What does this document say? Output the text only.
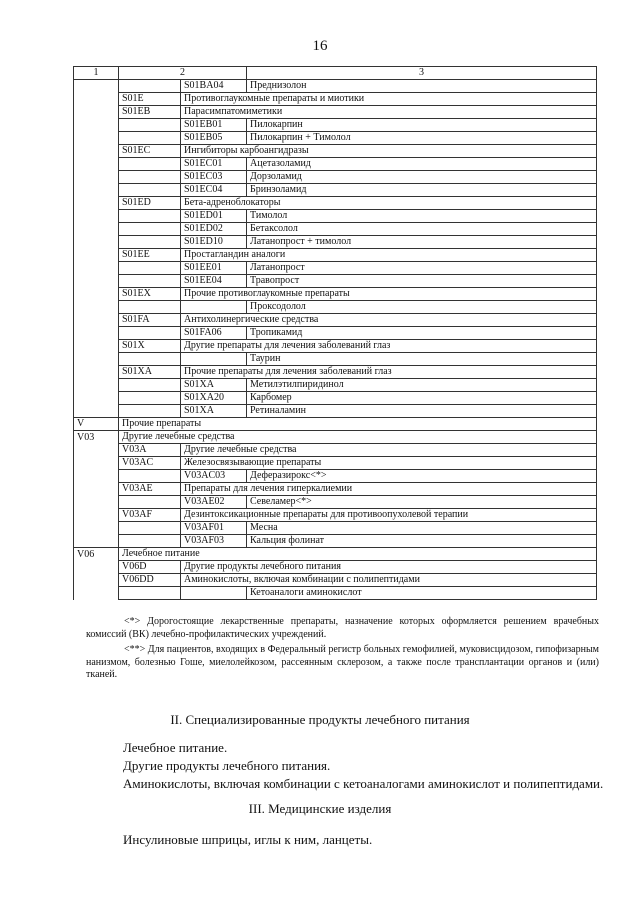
16
1	2		3
		S01BA04	Преднизолон
	S01E	Противоглаукомные препараты и миотики	
	S01EB	Парасимпатомиметики	
		S01EB01	Пилокарпин
		S01EB05	Пилокарпин + Тимолол
	S01EC	Ингибиторы карбоангидразы	
		S01EC01	Ацетазоламид
		S01EC03	Дорзоламид
		S01EC04	Бринзоламид
	S01ED	Бета-адреноблокаторы	
		S01ED01	Тимолол
		S01ED02	Бетаксолол
		S01ED10	Латанопрост + тимолол
	S01EE	Простагландин аналоги	
		S01EE01	Латанопрост
		S01EE04	Травопрост
	S01EX	Прочие противоглаукомные препараты	
			Проксодолол
	S01FA	Антихолинергические средства	
		S01FA06	Тропикамид
	S01X	Другие препараты для лечения заболеваний глаз	
			Таурин
	S01XA	Прочие препараты для лечения заболеваний глаз	
		S01XA	Метилэтилпиридинол
		S01XA20	Карбомер
		S01XA	Ретиналамин
V	Прочие препараты		
V03	Другие лечебные средства		
	V03A	Другие лечебные средства	
	V03AC	Железосвязывающие препараты	
		V03AC03	Деферазирокс<*>
	V03AE	Препараты для лечения гиперкалиемии	
		V03AE02	Севеламер<*>
	V03AF	Дезинтоксикационные препараты для противоопухолевой терапии	
		V03AF01	Месна
		V03AF03	Кальция фолинат
V06	Лечебное питание		
	V06D	Другие продукты лечебного питания	
	V06DD	Аминокислоты, включая комбинации с полипептидами	
			Кетоаналоги аминокислот

<*> Дорогостоящие лекарственные препараты, назначение которых оформляется решением врачебных комиссий (ВК) лечебно-профилактических учреждений.

<**> Для пациентов, входящих в Федеральный регистр больных гемофилией, муковисцидозом, гипофизарным нанизмом, болезнью Гоше, миелолейкозом, рассеянным склерозом, а также после трансплантации органов и (или) тканей.

II. Специализированные продукты лечебного питания
Лечебное питание.
Другие продукты лечебного питания.
Аминокислоты, включая комбинации с кетоаналогами аминокислот и полипептидами.
III. Медицинские изделия
Инсулиновые шприцы, иглы к ним, ланцеты.
